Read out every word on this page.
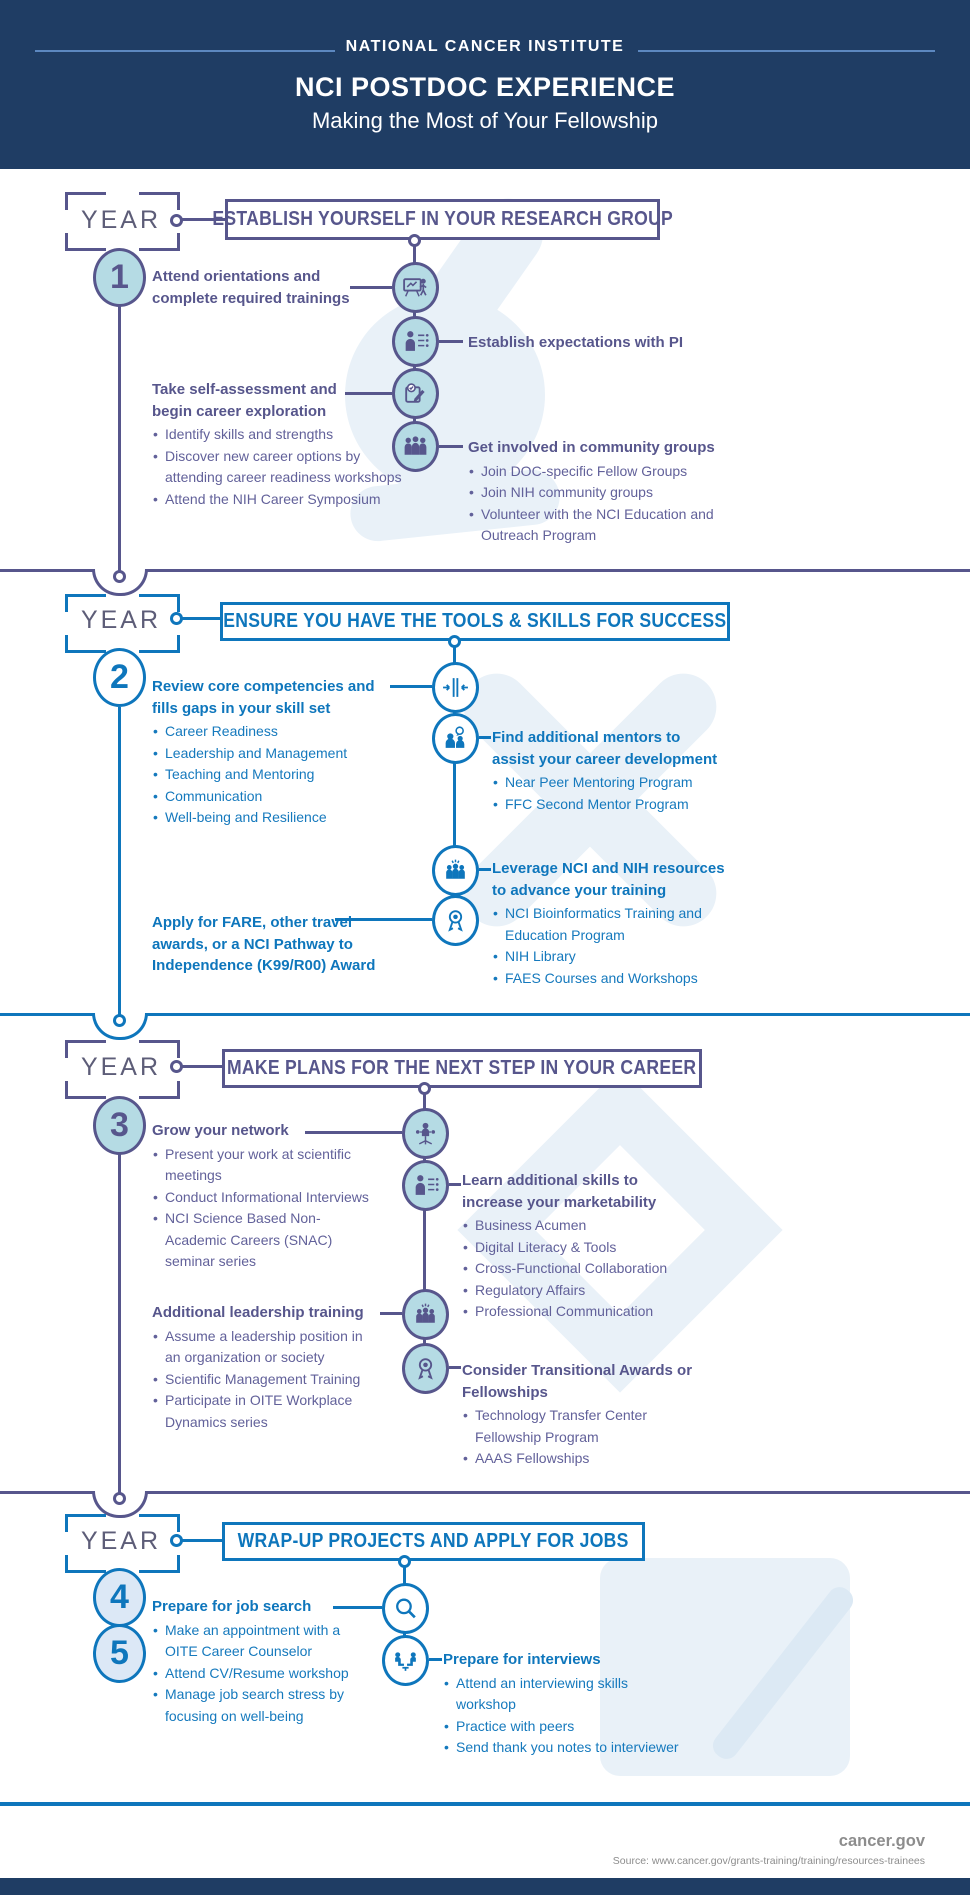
NATIONAL CANCER INSTITUTE
NCI POSTDOC EXPERIENCE
Making the Most of Your Fellowship
YEAR	ESTABLISH YOURSELF IN YOUR RESEARCH GROUP
1	Attend orientations and complete required trainings
Establish expectations with PI
Take self-assessment and begin career exploration
• Identify skills and strengths
• Discover new career options by attending career readiness workshops
• Attend the NIH Career Symposium
Get involved in community groups
• Join DOC-specific Fellow Groups
• Join NIH community groups
• Volunteer with the NCI Education and Outreach Program
YEAR	ENSURE YOU HAVE THE TOOLS & SKILLS FOR SUCCESS
2	Review core competencies and fills gaps in your skill set
• Career Readiness
• Leadership and Management
• Teaching and Mentoring
• Communication
• Well-being and Resilience
Find additional mentors to assist your career development
• Near Peer Mentoring Program
• FFC Second Mentor Program
Leverage NCI and NIH resources to advance your training
• NCI Bioinformatics Training and Education Program
• NIH Library
• FAES Courses and Workshops
Apply for FARE, other travel awards, or a NCI Pathway to Independence (K99/R00) Award
YEAR	MAKE PLANS FOR THE NEXT STEP IN YOUR CAREER
3	Grow your network
• Present your work at scientific meetings
• Conduct Informational Interviews
• NCI Science Based Non-Academic Careers (SNAC) seminar series
Learn additional skills to increase your marketability
• Business Acumen
• Digital Literacy & Tools
• Cross-Functional Collaboration
• Regulatory Affairs
• Professional Communication
Additional leadership training
• Assume a leadership position in an organization or society
• Scientific Management Training
• Participate in OITE Workplace Dynamics series
Consider Transitional Awards or Fellowships
• Technology Transfer Center Fellowship Program
• AAAS Fellowships
YEAR	WRAP-UP PROJECTS AND APPLY FOR JOBS
4
5
Prepare for job search
• Make an appointment with a OITE Career Counselor
• Attend CV/Resume workshop
• Manage job search stress by focusing on well-being
Prepare for interviews
• Attend an interviewing skills workshop
• Practice with peers
• Send thank you notes to interviewer
cancer.gov
Source: www.cancer.gov/grants-training/training/resources-trainees
